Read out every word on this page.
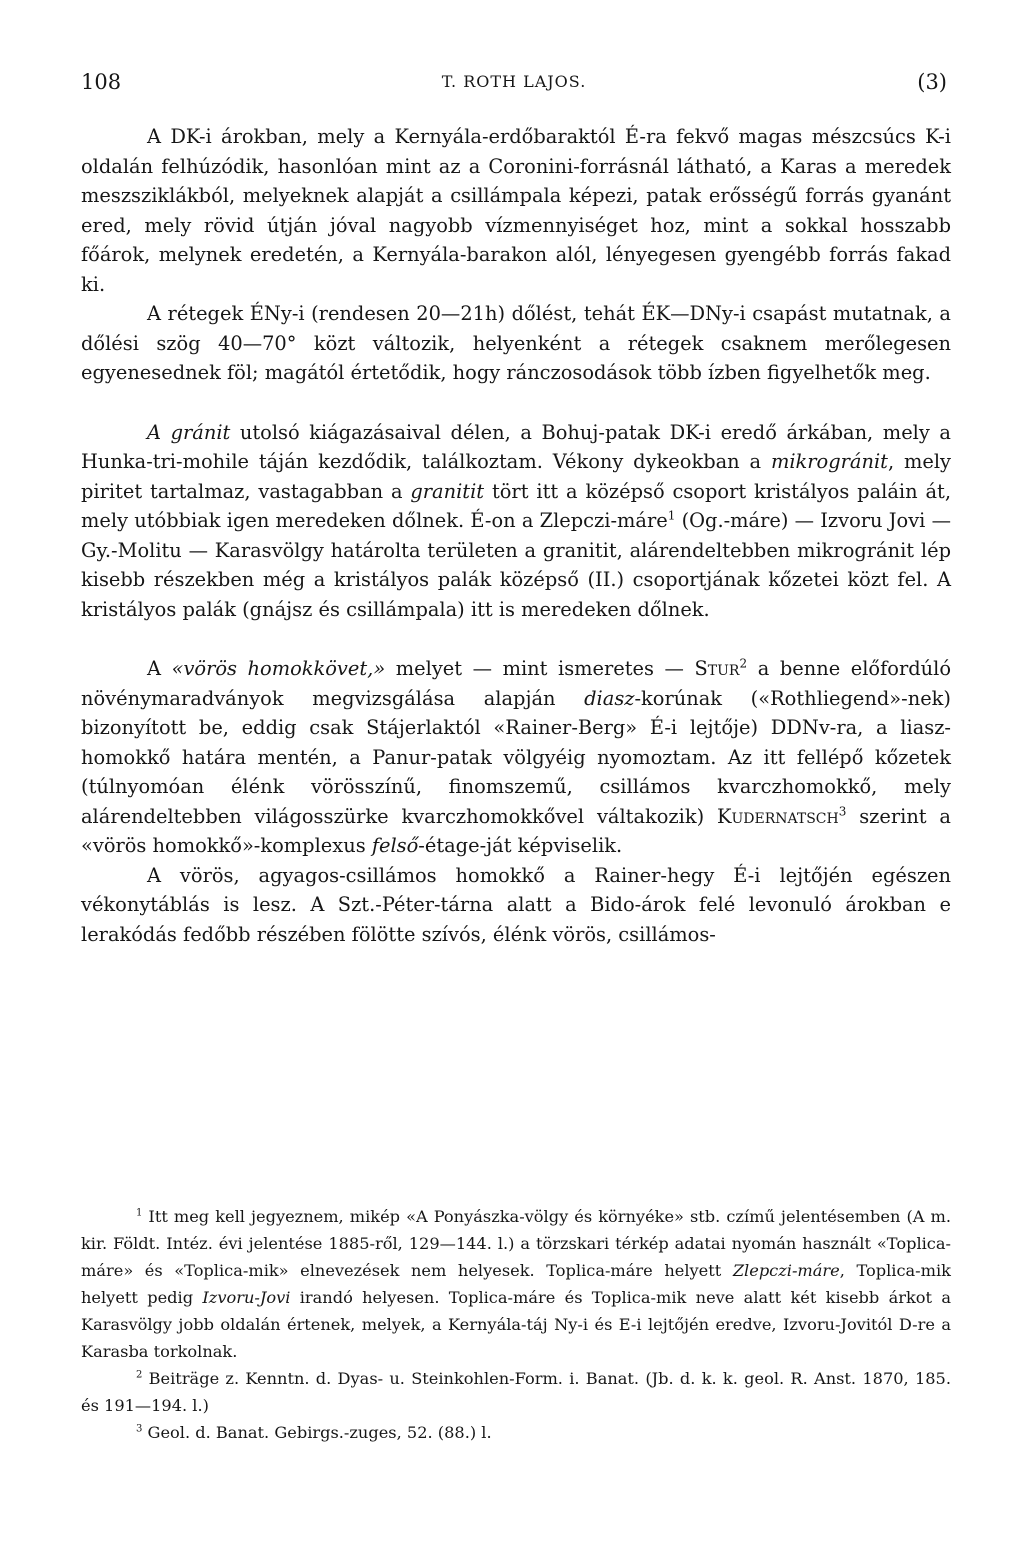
108	T. ROTH LAJOS.	(3)

A DK-i árokban, mely a Kernyála-erdőbaraktól É-ra fekvő magas mészcsúcs K-i oldalán felhúzódik, hasonlóan mint az a Coronini-forrásnál látható, a Karas a meredek meszsziklákból, melyeknek alapját a csillámpala képezi, patak erősségű forrás gyanánt ered, mely rövid útján jóval nagyobb vízmennyiséget hoz, mint a sokkal hosszabb főárok, melynek eredetén, a Kernyála-barakon alól, lényegesen gyengébb forrás fakad ki.

A rétegek ÉNy-i (rendesen 20—21h) dőlést, tehát ÉK—DNy-i csapást mutatnak, a dőlési szög 40—70° közt változik, helyenként a rétegek csaknem merőlegesen egyenesednek föl; magától értetődik, hogy ránczosodások több ízben figyelhetők meg.

A gránit utolsó kiágazásaival délen, a Bohuj-patak DK-i eredő árkában, mely a Hunka-tri-mohile táján kezdődik, találkoztam. Vékony dykeokban a mikrogránit, mely piritet tartalmaz, vastagabban a granitit tört itt a középső csoport kristályos paláin át, mely utóbbiak igen meredeken dőlnek. É-on a Zlepczi-máre$^1$ (Og.-máre) — Izvoru Jovi — Gy.-Molitu — Karasvölgy határolta területen a granitit, alárendeltebben mikrogránit lép kisebb részekben még a kristályos palák középső (II.) csoportjának kőzetei közt fel. A kristályos palák (gnájsz és csillámpala) itt is meredeken dőlnek.

A «vörös homokkövet,» melyet — mint ismeretes — Stur$^2$ a benne előfordúló növénymaradványok megvizsgálása alapján diasz-korúnak («Rothliegend»-nek) bizonyított be, eddig csak Stájerlaktól «Rainer-Berg» É-i lejtője) DDNv-ra, a liasz-homokkő határa mentén, a Panur-patak völgyéig nyomoztam. Az itt fellépő kőzetek (túlnyomóan élénk vörösszínű, finomszemű, csillámos kvarczhomokkő, mely alárendeltebben világosszürke kvarczhomokkővel váltakozik) Kudernatsch$^3$ szerint a «vörös homokkő»-komplexus felső-étage-ját képviselik.

A vörös, agyagos-csillámos homokkő a Rainer-hegy É-i lejtőjén egészen vékonytáblás is lesz. A Szt.-Péter-tárna alatt a Bido-árok felé levonuló árokban e lerakódás fedőbb részében fölötte szívós, élénk vörös, csillámos-

$^1$ Itt meg kell jegyeznem, mikép «A Ponyászka-völgy és környéke» stb. czímű jelentésemben (A m. kir. Földt. Intéz. évi jelentése 1885-ről, 129—144. l.) a törzskari térkép adatai nyomán használt «Toplica-máre» és «Toplica-mik» elnevezések nem helyesek. Toplica-máre helyett Zlepczi-máre, Toplica-mik helyett pedig Izvoru-Jovi irandó helyesen. Toplica-máre és Toplica-mik neve alatt két kisebb árkot a Karasvölgy jobb oldalán értenek, melyek, a Kernyála-táj Ny-i és E-i lejtőjén eredve, Izvoru-Jovitól D-re a Karasba torkolnak.

$^2$ Beiträge z. Kenntn. d. Dyas- u. Steinkohlen-Form. i. Banat. (Jb. d. k. k. geol. R. Anst. 1870, 185. és 191—194. l.)

$^3$ Geol. d. Banat. Gebirgs.-zuges, 52. (88.) l.
